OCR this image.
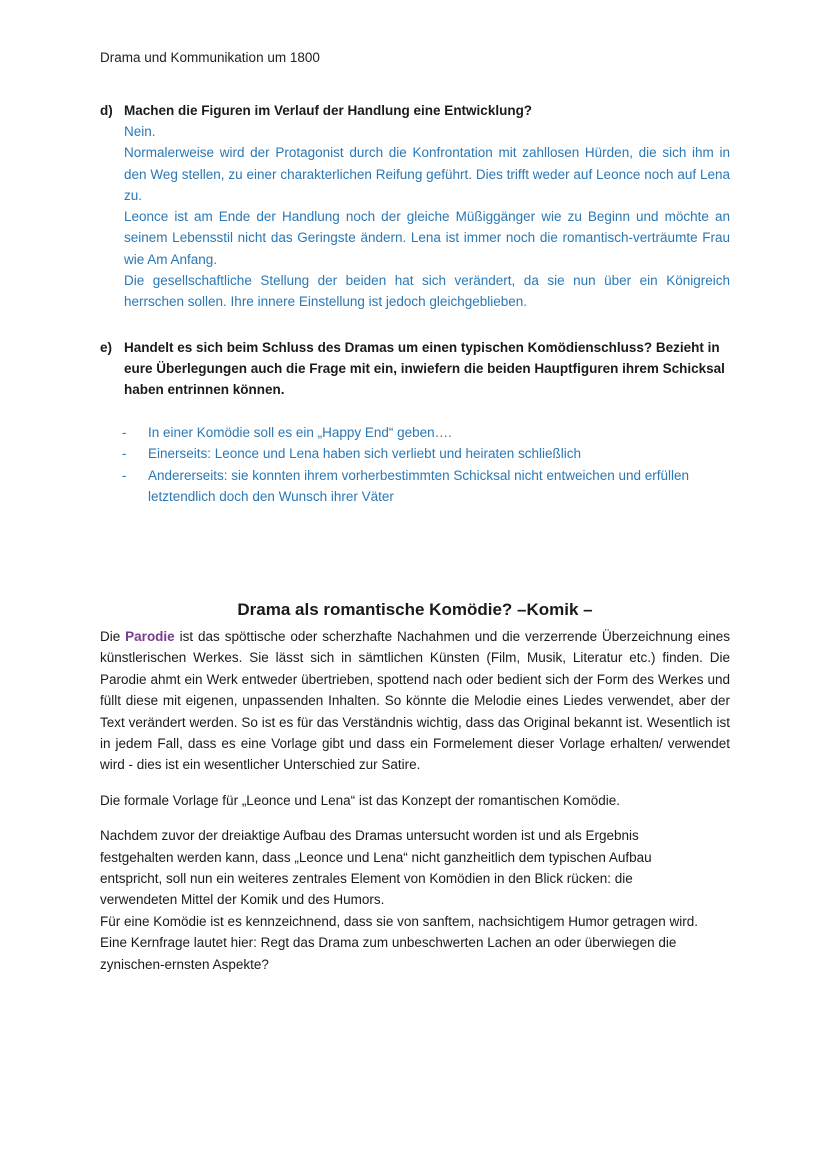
Drama und Kommunikation um 1800
d) Machen die Figuren im Verlauf der Handlung eine Entwicklung?

Nein.

Normalerweise wird der Protagonist durch die Konfrontation mit zahllosen Hürden, die sich ihm in den Weg stellen, zu einer charakterlichen Reifung geführt. Dies trifft weder auf Leonce noch auf Lena zu.

Leonce ist am Ende der Handlung noch der gleiche Müßiggänger wie zu Beginn und möchte an seinem Lebensstil nicht das Geringste ändern. Lena ist immer noch die romantisch-verträumte Frau wie Am Anfang.

Die gesellschaftliche Stellung der beiden hat sich verändert, da sie nun über ein Königreich herrschen sollen. Ihre innere Einstellung ist jedoch gleichgeblieben.

e) Handelt es sich beim Schluss des Dramas um einen typischen Komödienschluss? Bezieht in eure Überlegungen auch die Frage mit ein, inwiefern die beiden Hauptfiguren ihrem Schicksal haben entrinnen können.
-	In einer Komödie soll es ein „Happy End“ geben….
-	Einerseits: Leonce und Lena haben sich verliebt und heiraten schließlich
-	Andererseits: sie konnten ihrem vorherbestimmten Schicksal nicht entweichen und erfüllen letztendlich doch den Wunsch ihrer Väter
Drama als romantische Komödie? –Komik –

Die Parodie ist das spöttische oder scherzhafte Nachahmen und die verzerrende Überzeichnung eines künstlerischen Werkes. Sie lässt sich in sämtlichen Künsten (Film, Musik, Literatur etc.) finden. Die Parodie ahmt ein Werk entweder übertrieben, spottend nach oder bedient sich der Form des Werkes und füllt diese mit eigenen, unpassenden Inhalten. So könnte die Melodie eines Liedes verwendet, aber der Text verändert werden. So ist es für das Verständnis wichtig, dass das Original bekannt ist. Wesentlich ist in jedem Fall, dass es eine Vorlage gibt und dass ein Formelement dieser Vorlage erhalten/ verwendet wird - dies ist ein wesentlicher Unterschied zur Satire.

Die formale Vorlage für „Leonce und Lena“ ist das Konzept der romantischen Komödie.

Nachdem zuvor der dreiaktige Aufbau des Dramas untersucht worden ist und als Ergebnis
festgehalten werden kann, dass „Leonce und Lena“ nicht ganzheitlich dem typischen Aufbau
entspricht, soll nun ein weiteres zentrales Element von Komödien in den Blick rücken: die
verwendeten Mittel der Komik und des Humors.
Für eine Komödie ist es kennzeichnend, dass sie von sanftem, nachsichtigem Humor getragen wird.
Eine Kernfrage lautet hier: Regt das Drama zum unbeschwerten Lachen an oder überwiegen die
zynischen-ernsten Aspekte?
